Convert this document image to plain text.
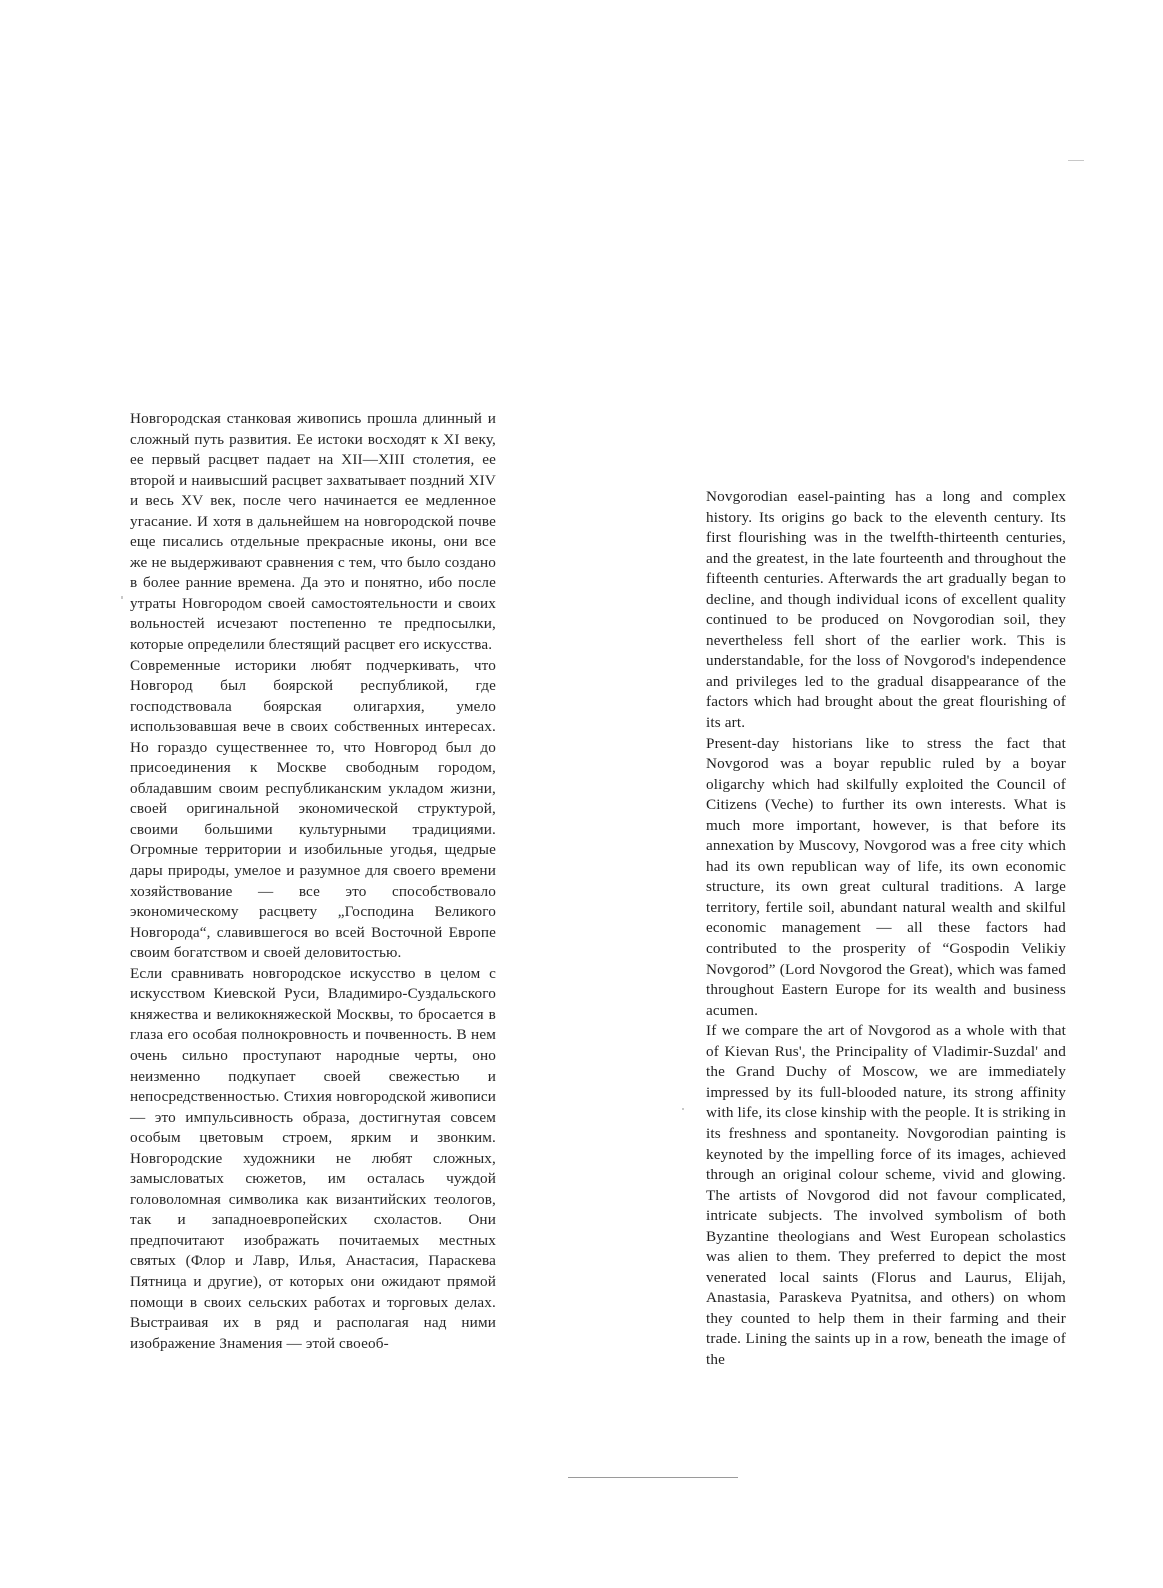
Новгородская станковая живопись прошла длинный и сложный путь развития. Ее истоки восходят к XI веку, ее первый расцвет падает на XII—XIII столетия, ее второй и наивысший расцвет захватывает поздний XIV и весь XV век, после чего начинается ее медленное угасание. И хотя в дальнейшем на новгородской почве еще писались отдельные прекрасные иконы, они все же не выдерживают сравнения с тем, что было создано в более ранние времена. Да это и понятно, ибо после утраты Новгородом своей самостоятельности и своих вольностей исчезают постепенно те предпосылки, которые определили блестящий расцвет его искусства.

Современные историки любят подчеркивать, что Новгород был боярской республикой, где господствовала боярская олигархия, умело использовавшая вече в своих собственных интересах. Но гораздо существеннее то, что Новгород был до присоединения к Москве свободным городом, обладавшим своим республиканским укладом жизни, своей оригинальной экономической структурой, своими большими культурными традициями. Огромные территории и изобильные угодья, щедрые дары природы, умелое и разумное для своего времени хозяйствование — все это способствовало экономическому расцвету „Господина Великого Новгорода“, славившегося во всей Восточной Европе своим богатством и своей деловитостью.

Если сравнивать новгородское искусство в целом с искусством Киевской Руси, Владимиро-Суздальского княжества и великокняжеской Москвы, то бросается в глаза его особая полнокровность и почвенность. В нем очень сильно проступают народные черты, оно неизменно подкупает своей свежестью и непосредственностью. Стихия новгородской живописи — это импульсивность образа, достигнутая совсем особым цветовым строем, ярким и звонким. Новгородские художники не любят сложных, замысловатых сюжетов, им осталась чуждой головоломная символика как византийских теологов, так и западноевропейских схоластов. Они предпочитают изображать почитаемых местных святых (Флор и Лавр, Илья, Анастасия, Параскева Пятница и другие), от которых они ожидают прямой помощи в своих сельских работах и торговых делах. Выстраивая их в ряд и располагая над ними изображение Знамения — этой своеоб-

Novgorodian easel-painting has a long and complex history. Its origins go back to the eleventh century. Its first flourishing was in the twelfth-thirteenth centuries, and the greatest, in the late fourteenth and throughout the fifteenth centuries. Afterwards the art gradually began to decline, and though individual icons of excellent quality continued to be produced on Novgorodian soil, they nevertheless fell short of the earlier work. This is understandable, for the loss of Novgorod's independence and privileges led to the gradual disappearance of the factors which had brought about the great flourishing of its art.

Present-day historians like to stress the fact that Novgorod was a boyar republic ruled by a boyar oligarchy which had skilfully exploited the Council of Citizens (Veche) to further its own interests. What is much more important, however, is that before its annexation by Muscovy, Novgorod was a free city which had its own republican way of life, its own economic structure, its own great cultural traditions. A large territory, fertile soil, abundant natural wealth and skilful economic management — all these factors had contributed to the prosperity of “Gospodin Velikiy Novgorod” (Lord Novgorod the Great), which was famed throughout Eastern Europe for its wealth and business acumen.

If we compare the art of Novgorod as a whole with that of Kievan Rus', the Principality of Vladimir-Suzdal' and the Grand Duchy of Moscow, we are immediately impressed by its full-blooded nature, its strong affinity with life, its close kinship with the people. It is striking in its freshness and spontaneity. Novgorodian painting is keynoted by the impelling force of its images, achieved through an original colour scheme, vivid and glowing. The artists of Novgorod did not favour complicated, intricate subjects. The involved symbolism of both Byzantine theologians and West European scholastics was alien to them. They preferred to depict the most venerated local saints (Florus and Laurus, Elijah, Anastasia, Paraskeva Pyatnitsa, and others) on whom they counted to help them in their farming and their trade. Lining the saints up in a row, beneath the image of the
